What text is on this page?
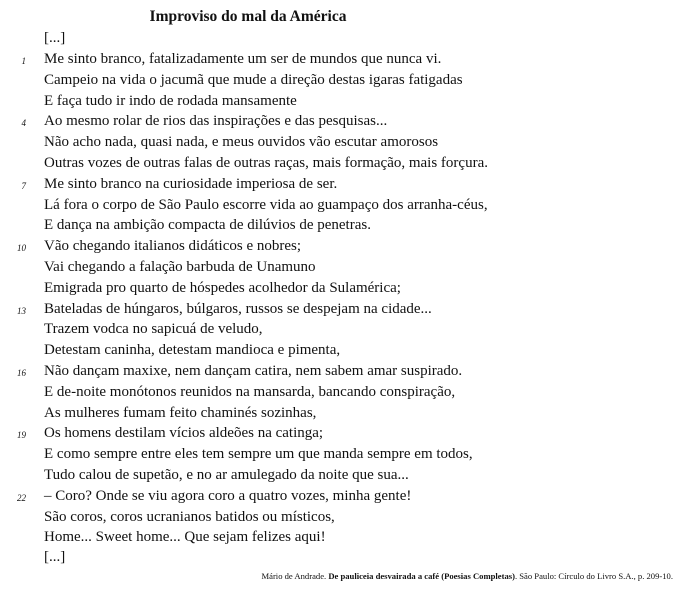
Improviso do mal da América
[...]
1 Me sinto branco, fatalizadamente um ser de mundos que nunca vi.
Campeio na vida o jacumã que mude a direção destas igaras fatigadas
E faça tudo ir indo de rodada mansamente
4 Ao mesmo rolar de rios das inspirações e das pesquisas...
Não acho nada, quasi nada, e meus ouvidos vão escutar amorosos
Outras vozes de outras falas de outras raças, mais formação, mais forçura.
7 Me sinto branco na curiosidade imperiosa de ser.
Lá fora o corpo de São Paulo escorre vida ao guampaço dos arranha-céus,
E dança na ambição compacta de dilúvios de penetras.
10 Vão chegando italianos didáticos e nobres;
Vai chegando a falação barbuda de Unamuno
Emigrada pro quarto de hóspedes acolhedor da Sulamérica;
13 Bateladas de húngaros, búlgaros, russos se despejam na cidade...
Trazem vodca no sapicuá de veludo,
Detestam caninha, detestam mandioca e pimenta,
16 Não dançam maxixe, nem dançam catira, nem sabem amar suspirado.
E de-noite monótonos reunidos na mansarda, bancando conspiração,
As mulheres fumam feito chaminés sozinhas,
19 Os homens destilam vícios aldeões na catinga;
E como sempre entre eles tem sempre um que manda sempre em todos,
Tudo calou de supetão, e no ar amulegado da noite que sua...
22 – Coro? Onde se viu agora coro a quatro vozes, minha gente!
São coros, coros ucranianos batidos ou místicos,
Home... Sweet home... Que sejam felizes aqui!
[...]
Mário de Andrade. De pauliceia desvairada a café (Poesias Completas). São Paulo: Círculo do Livro S.A., p. 209-10.
